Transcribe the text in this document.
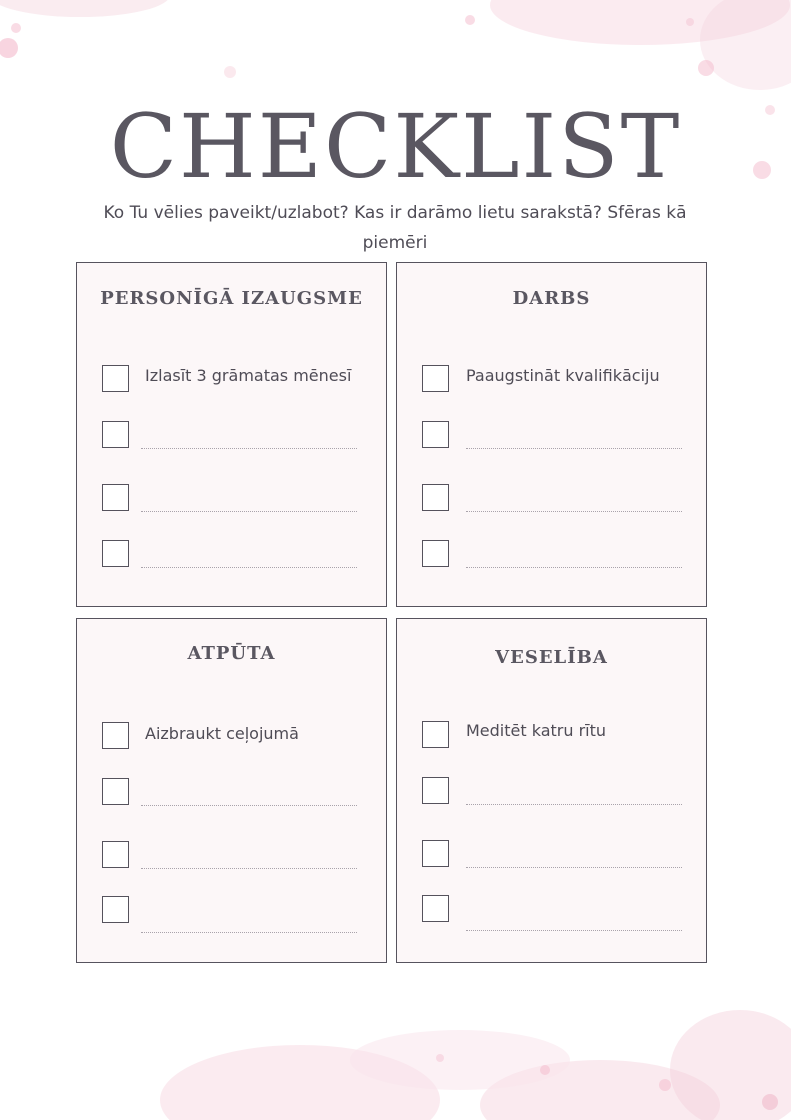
CHECKLIST
Ko Tu vēlies paveikt/uzlabot? Kas ir darāmo lietu sarakstā? Sfēras kā piemēri
PERSONĪGĀ IZAUGSME
Izlasīt 3 grāmatas mēnesī
DARBS
Paaugstināt kvalifikāciju
ATPŪTA
Aizbraukt ceļojumā
VESELĪBA
Meditēt katru rītu
